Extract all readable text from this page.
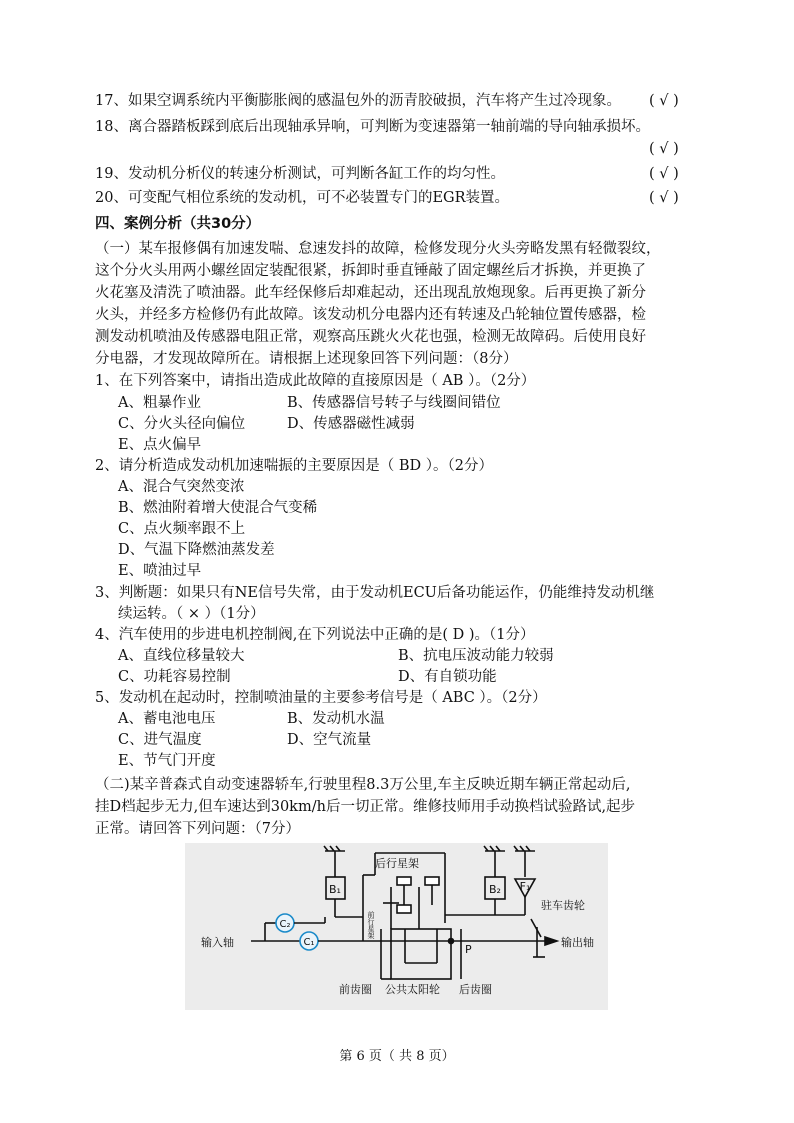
17、如果空调系统内平衡膨胀阀的感温包外的沥青胶破损，汽车将产生过冷现象。 ( √ )
18、离合器踏板踩到底后出现轴承异响，可判断为变速器第一轴前端的导向轴承损坏。
( √ )
19、发动机分析仪的转速分析测试，可判断各缸工作的均匀性。	( √ )
20、可变配气相位系统的发动机，可不必装置专门的EGR装置。	( √ )
四、案例分析（共30分）
（一）某车报修偶有加速发喘、怠速发抖的故障，检修发现分火头旁略发黑有轻微裂纹，
这个分火头用两小螺丝固定装配很紧，拆卸时垂直锤敲了固定螺丝后才拆换，并更换了
火花塞及清洗了喷油器。此车经保修后却难起动，还出现乱放炮现象。后再更换了新分
火头，并经多方检修仍有此故障。该发动机分电器内还有转速及凸轮轴位置传感器，检
测发动机喷油及传感器电阻正常，观察高压跳火火花也强，检测无故障码。后使用良好
分电器，才发现故障所在。请根据上述现象回答下列问题：（8分）
1、在下列答案中，请指出造成此故障的直接原因是（ AB ）。（2分）
A、粗暴作业	B、传感器信号转子与线圈间错位
C、分火头径向偏位	D、传感器磁性减弱
E、点火偏早
2、请分析造成发动机加速喘振的主要原因是（ BD ）。（2分）
A、混合气突然变浓
B、燃油附着增大使混合气变稀
C、点火频率跟不上
D、气温下降燃油蒸发差
E、喷油过早
3、判断题：如果只有NE信号失常，由于发动机ECU后备功能运作，仍能维持发动机继
续运转。（ × ）（1分）
4、汽车使用的步进电机控制阀,在下列说法中正确的是( D )。（1分）
A、直线位移量较大	B、抗电压波动能力较弱
C、功耗容易控制	D、有自锁功能
5、发动机在起动时，控制喷油量的主要参考信号是（ ABC ）。（2分）
A、蓄电池电压	B、发动机水温
C、进气温度	D、空气流量
E、节气门开度
（二)某辛普森式自动变速器轿车,行驶里程8.3万公里,车主反映近期车辆正常起动后,
挂D档起步无力,但车速达到30km/h后一切正常。维修技师用手动换档试验路试,起步
正常。请回答下列问题：（7分）
B₁	B₂ F₁
后行星架
前行星架
输入轴
C₂
C₁
P
驻车齿轮
输出轴
前齿圈 公共太阳轮 后齿圈
第 6 页（ 共 8 页）
